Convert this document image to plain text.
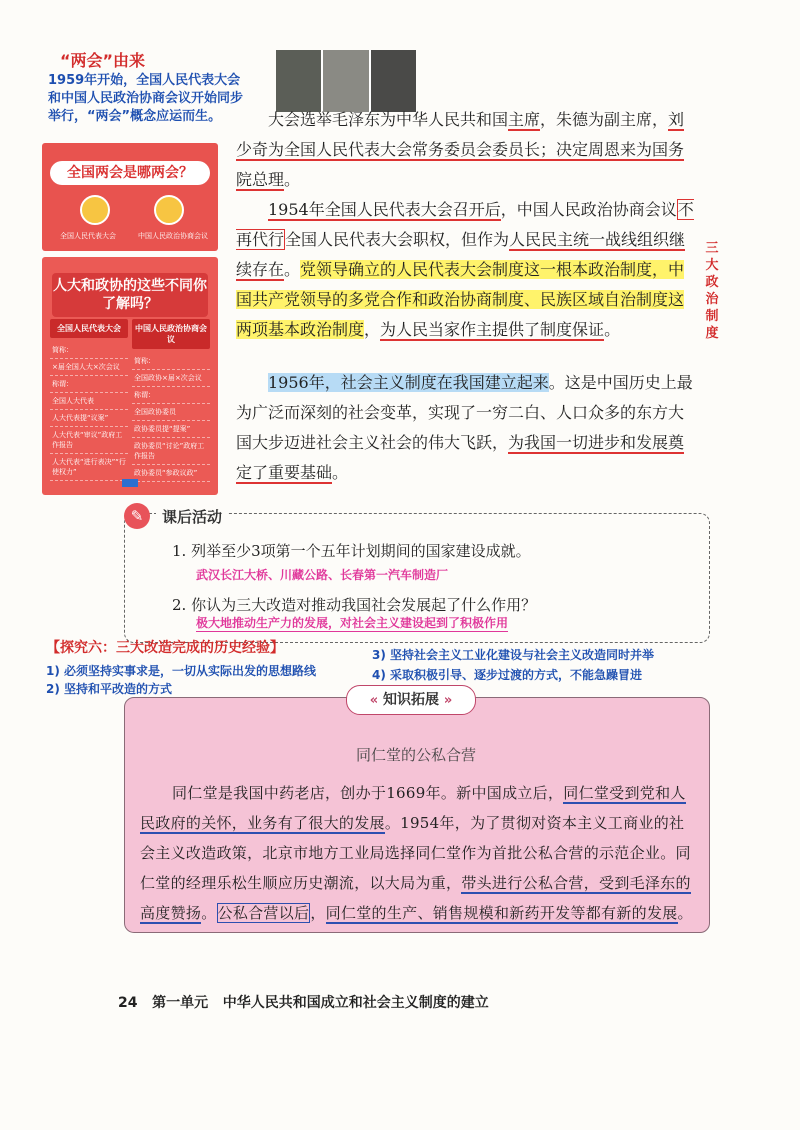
“两会”由来
1959年开始，全国人民代表大会和中国人民政治协商会议开始同步举行，“两会”概念应运而生。
全国两会是哪两会？
全国人民代表大会	中国人民政治协商会议
人大和政协的这些不同你了解吗？
全国人民代表大会
简称：
×届全国人大×次会议
称谓：
全国人大代表
人大代表提“议案”
人大代表“审议”政府工作报告
人大代表“进行表决”“行使权力”
中国人民政治协商会议
简称：
全国政协×届×次会议
称谓：
全国政协委员
政协委员提“提案”
政协委员“讨论”政府工作报告
政协委员“参政议政”
大会选举毛泽东为中华人民共和国主席，朱德为副主席，刘少奇为全国人民代表大会常务委员会委员长；决定周恩来为国务院总理。
1954年全国人民代表大会召开后，中国人民政治协商会议不再代行全国人民代表大会职权，但作为人民民主统一战线组织继续存在。党领导确立的人民代表大会制度这一根本政治制度，中国共产党领导的多党合作和政治协商制度、民族区域自治制度这两项基本政治制度，为人民当家作主提供了制度保证。
三大政治制度
1956年，社会主义制度在我国建立起来。这是中国历史上最为广泛而深刻的社会变革，实现了一穷二白、人口众多的东方大国大步迈进社会主义社会的伟大飞跃，为我国一切进步和发展奠定了重要基础。
✎	课后活动
1. 列举至少3项第一个五年计划期间的国家建设成就。
武汉长江大桥、川藏公路、长春第一汽车制造厂
2. 你认为三大改造对推动我国社会发展起了什么作用？
极大地推动生产力的发展，对社会主义建设起到了积极作用
【探究六：三大改造完成的历史经验】
1) 必须坚持实事求是，一切从实际出发的思想路线
2) 坚持和平改造的方式
3) 坚持社会主义工业化建设与社会主义改造同时并举
4) 采取积极引导、逐步过渡的方式，不能急躁冒进
« 知识拓展 »
同仁堂的公私合营
同仁堂是我国中药老店，创办于1669年。新中国成立后，同仁堂受到党和人民政府的关怀，业务有了很大的发展。1954年，为了贯彻对资本主义工商业的社会主义改造政策，北京市地方工业局选择同仁堂作为首批公私合营的示范企业。同仁堂的经理乐松生顺应历史潮流，以大局为重，带头进行公私合营，受到毛泽东的高度赞扬。公私合营以后，同仁堂的生产、销售规模和新药开发等都有新的发展。
24   第一单元   中华人民共和国成立和社会主义制度的建立
